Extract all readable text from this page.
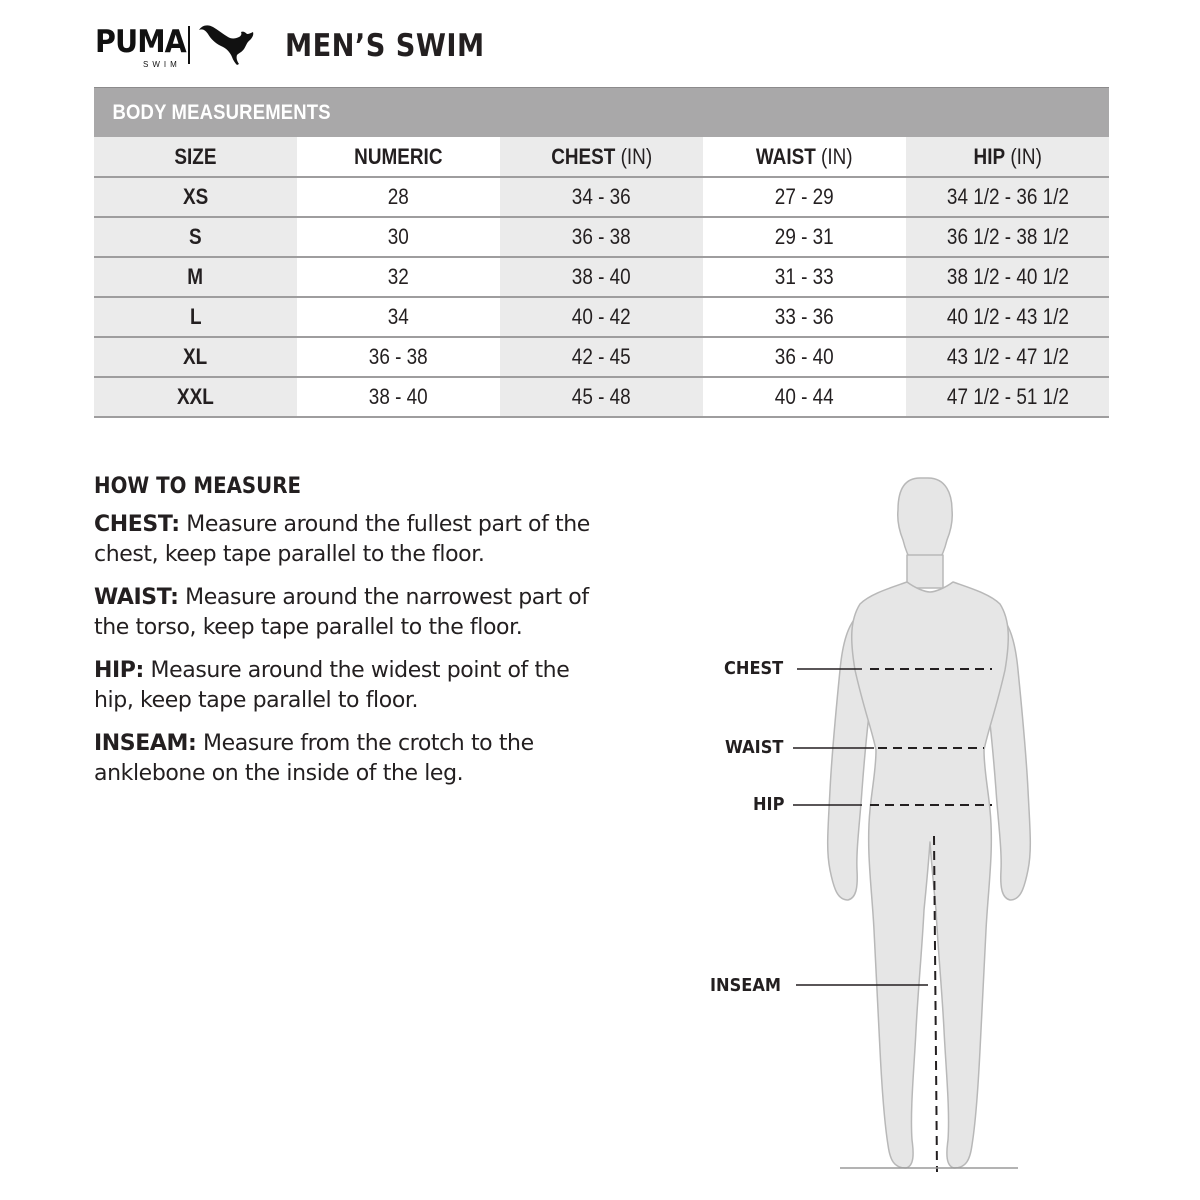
PUMA
SWIM
MEN’S SWIM
BODY MEASUREMENTS
SIZE	NUMERIC	CHEST (IN)	WAIST (IN)	HIP (IN)
XS	28	34 - 36	27 - 29	34 1/2 - 36 1/2
S	30	36 - 38	29 - 31	36 1/2 - 38 1/2
M	32	38 - 40	31 - 33	38 1/2 - 40 1/2
L	34	40 - 42	33 - 36	40 1/2 - 43 1/2
XL	36 - 38	42 - 45	36 - 40	43 1/2 - 47 1/2
XXL	38 - 40	45 - 48	40 - 44	47 1/2 - 51 1/2
HOW TO MEASURE

CHEST: Measure around the fullest part of the chest, keep tape parallel to the floor.

WAIST: Measure around the narrowest part of the torso, keep tape parallel to the floor.

HIP: Measure around the widest point of the hip, keep tape parallel to floor.

INSEAM: Measure from the crotch to the anklebone on the inside of the leg.

CHEST
WAIST
HIP
INSEAM
